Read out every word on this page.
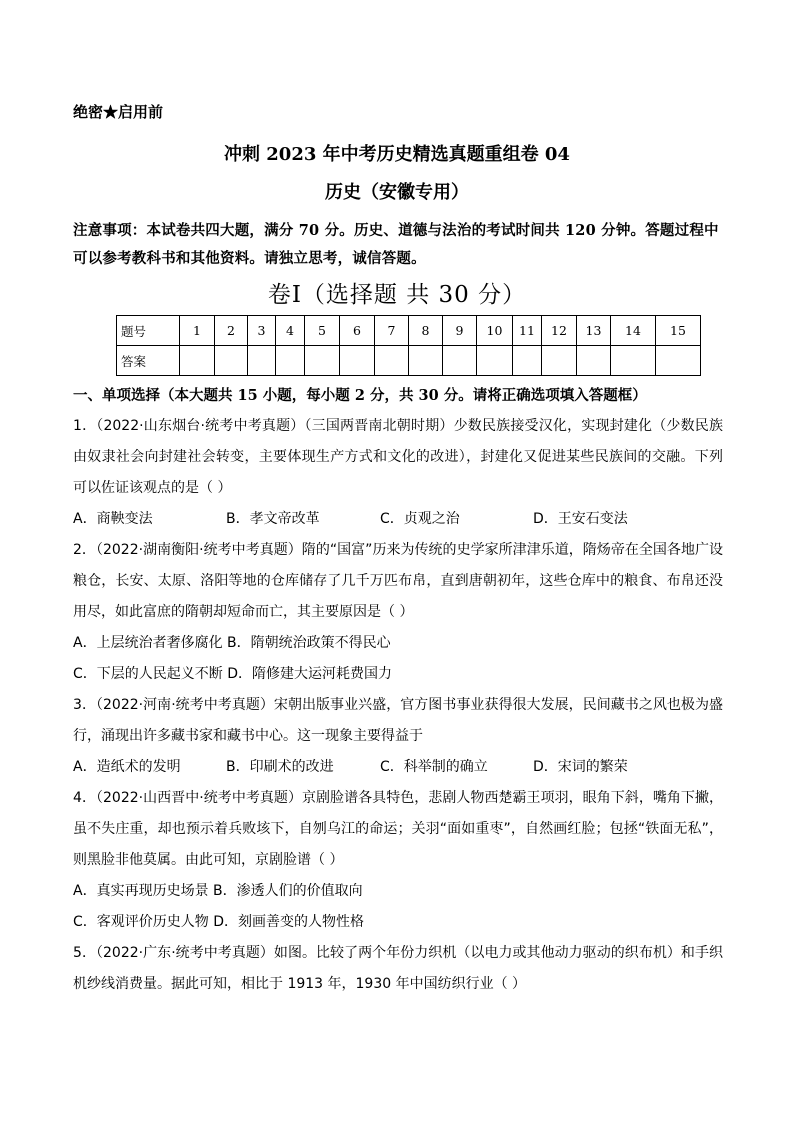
绝密★启用前
冲刺 2023 年中考历史精选真题重组卷 04
历史（安徽专用）
注意事项：本试卷共四大题，满分 70 分。历史、道德与法治的考试时间共 120 分钟。答题过程中可以参考教科书和其他资料。请独立思考，诚信答题。
卷Ⅰ（选择题 共 30 分）
题号	1	2	3	4	5	6	7	8	9	10	11	12	13	14	15
答案															
一、单项选择（本大题共 15 小题，每小题 2 分，共 30 分。请将正确选项填入答题框）
1．（2022·山东烟台·统考中考真题）（三国两晋南北朝时期）少数民族接受汉化，实现封建化（少数民族由奴隶社会向封建社会转变，主要体现生产方式和文化的改进），封建化又促进某些民族间的交融。下列可以佐证该观点的是（ ）
A．商鞅变法	B．孝文帝改革	C．贞观之治	D．王安石变法
2．（2022·湖南衡阳·统考中考真题）隋的“国富”历来为传统的史学家所津津乐道，隋炀帝在全国各地广设粮仓，长安、太原、洛阳等地的仓库储存了几千万匹布帛，直到唐朝初年，这些仓库中的粮食、布帛还没用尽，如此富庶的隋朝却短命而亡，其主要原因是（ ）
A．上层统治者奢侈腐化 B．隋朝统治政策不得民心
C．下层的人民起义不断 D．隋修建大运河耗费国力
3．（2022·河南·统考中考真题）宋朝出版事业兴盛，官方图书事业获得很大发展，民间藏书之风也极为盛行，涌现出许多藏书家和藏书中心。这一现象主要得益于
A．造纸术的发明	B．印刷术的改进	C．科举制的确立	D．宋词的繁荣
4．（2022·山西晋中·统考中考真题）京剧脸谱各具特色，悲剧人物西楚霸王项羽，眼角下斜，嘴角下撇，虽不失庄重，却也预示着兵败垓下，自刎乌江的命运；关羽“面如重枣”，自然画红脸；包拯“铁面无私”，则黑脸非他莫属。由此可知，京剧脸谱（ ）
A．真实再现历史场景 B．渗透人们的价值取向
C．客观评价历史人物 D．刻画善变的人物性格
5．（2022·广东·统考中考真题）如图。比较了两个年份力织机（以电力或其他动力驱动的织布机）和手织机纱线消费量。据此可知，相比于 1913 年，1930 年中国纺织行业（ ）
